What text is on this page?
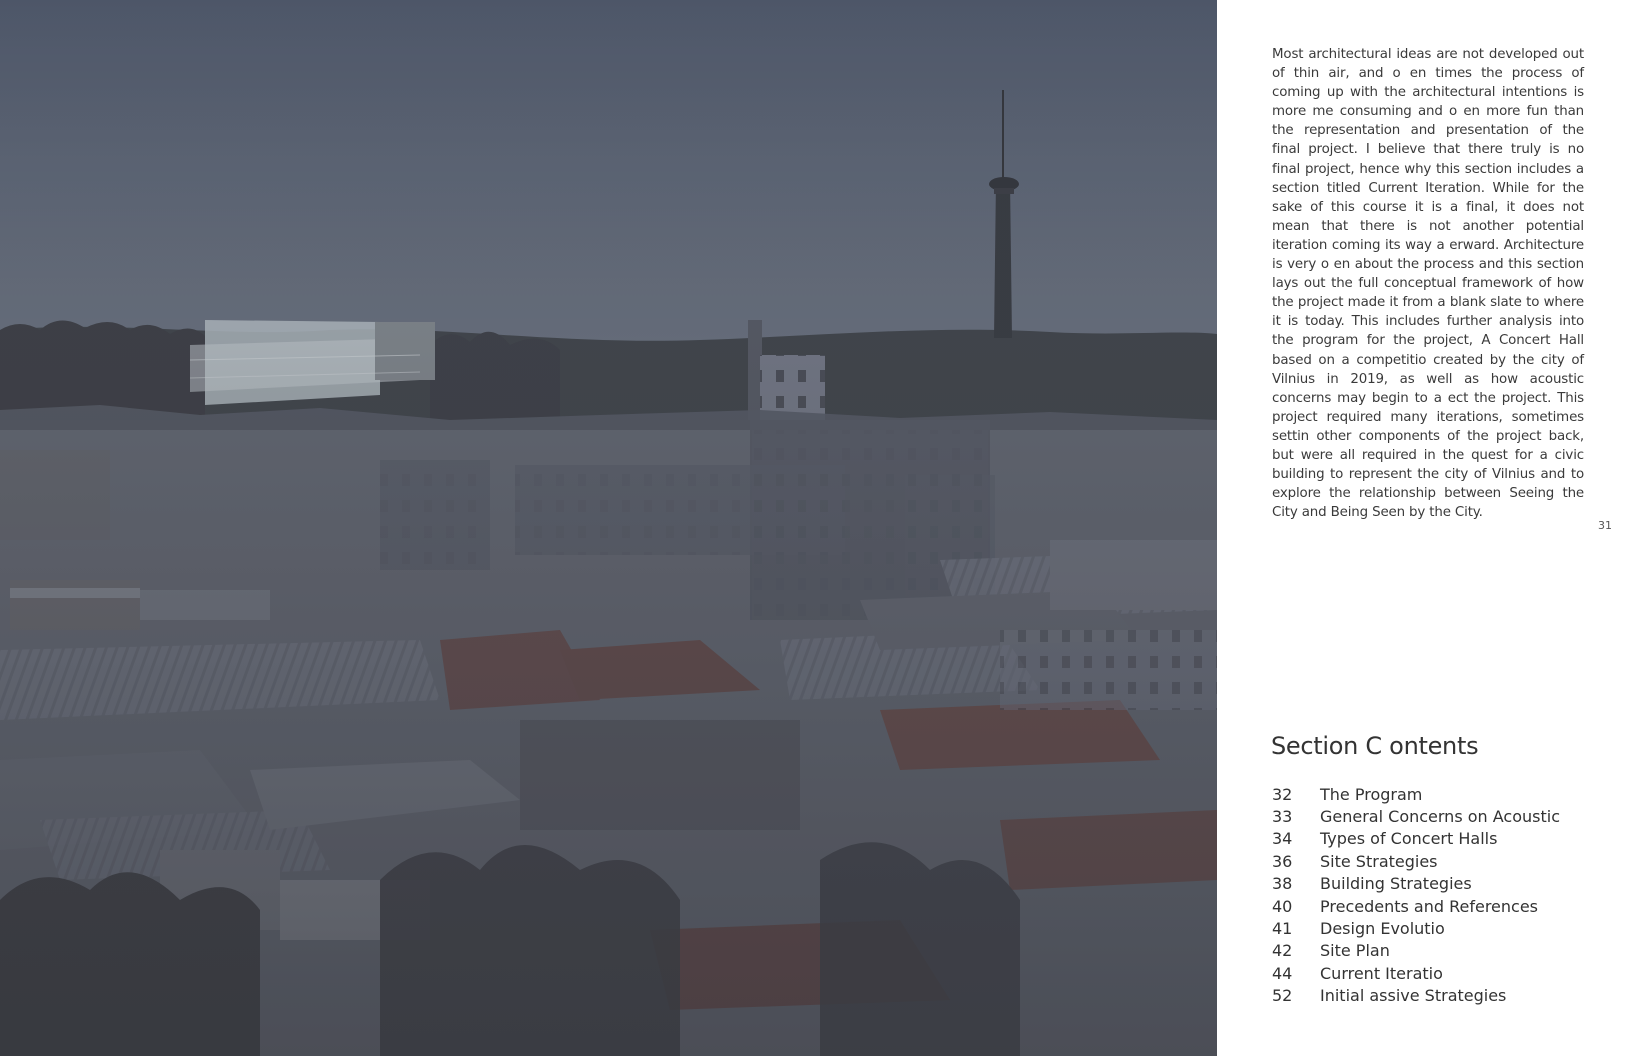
Most architectural ideas are not developed out of thin air, and o en times the process of coming up with the architectural intentions is more me consuming and o en more fun than the representation and presentation of the final project. I believe that there truly is no final project, hence why this section includes a section titled Current Iteration. While for the sake of this course it is a final, it does not mean that there is not another potential iteration coming its way a erward. Architecture is very o en about the process and this section lays out the full conceptual framework of how the project made it from a blank slate to where it is today. This includes further analysis into the program for the project, A Concert Hall based on a competitio created by the city of Vilnius in 2019, as well as how acoustic concerns may begin to a ect the project. This project required many iterations, sometimes settin other components of the project back, but were all required in the quest for a civic building to represent the city of Vilnius and to explore the relationship between Seeing the City and Being Seen by the City.
31
Section C ontents
32	The Program
33	General Concerns on Acoustic
34	Types of Concert Halls
36	Site Strategies
38	Building Strategies
40	Precedents and References
41	Design Evolutio
42	Site Plan
44	Current Iteratio
52	Initial assive Strategies
